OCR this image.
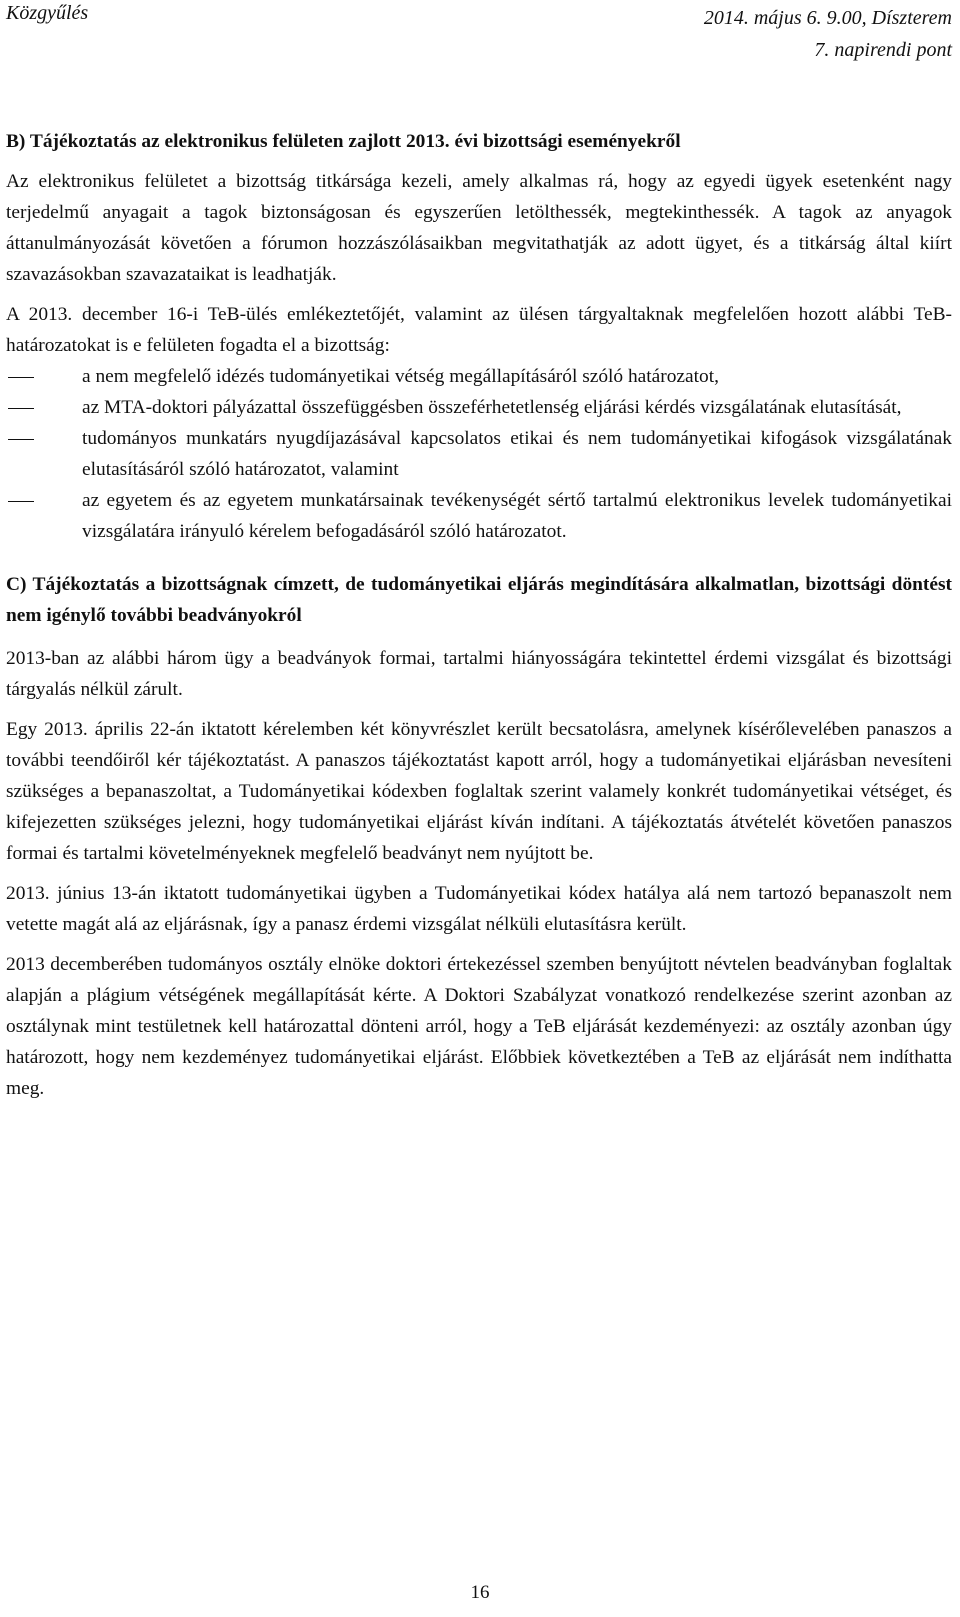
Közgyűlés	2014. május 6. 9.00, Díszterem
7. napirendi pont

B) Tájékoztatás az elektronikus felületen zajlott 2013. évi bizottsági eseményekről

Az elektronikus felületet a bizottság titkársága kezeli, amely alkalmas rá, hogy az egyedi ügyek esetenként nagy terjedelmű anyagait a tagok biztonságosan és egyszerűen letölthessék, megtekinthessék. A tagok az anyagok áttanulmányozását követően a fórumon hozzászólásaikban megvitathatják az adott ügyet, és a titkárság által kiírt szavazásokban szavazataikat is leadhatják.

A 2013. december 16-i TeB-ülés emlékeztetőjét, valamint az ülésen tárgyaltaknak megfelelően hozott alábbi TeB-határozatokat is e felületen fogadta el a bizottság:

a nem megfelelő idézés tudományetikai vétség megállapításáról szóló határozatot,
az MTA-doktori pályázattal összefüggésben összeférhetetlenség eljárási kérdés vizsgálatának elutasítását,
tudományos munkatárs nyugdíjazásával kapcsolatos etikai és nem tudományetikai kifogások vizsgálatának elutasításáról szóló határozatot, valamint
az egyetem és az egyetem munkatársainak tevékenységét sértő tartalmú elektronikus levelek tudományetikai vizsgálatára irányuló kérelem befogadásáról szóló határozatot.

C) Tájékoztatás a bizottságnak címzett, de tudományetikai eljárás megindítására alkalmatlan, bizottsági döntést nem igénylő további beadványokról

2013-ban az alábbi három ügy a beadványok formai, tartalmi hiányosságára tekintettel érdemi vizsgálat és bizottsági tárgyalás nélkül zárult.

Egy 2013. április 22-án iktatott kérelemben két könyvrészlet került becsatolásra, amelynek kísérőlevelében panaszos a további teendőiről kér tájékoztatást. A panaszos tájékoztatást kapott arról, hogy a tudományetikai eljárásban nevesíteni szükséges a bepanaszoltat, a Tudományetikai kódexben foglaltak szerint valamely konkrét tudományetikai vétséget, és kifejezetten szükséges jelezni, hogy tudományetikai eljárást kíván indítani. A tájékoztatás átvételét követően panaszos formai és tartalmi követelményeknek megfelelő beadványt nem nyújtott be.

2013. június 13-án iktatott tudományetikai ügyben a Tudományetikai kódex hatálya alá nem tartozó bepanaszolt nem vetette magát alá az eljárásnak, így a panasz érdemi vizsgálat nélküli elutasításra került.

2013 decemberében tudományos osztály elnöke doktori értekezéssel szemben benyújtott névtelen beadványban foglaltak alapján a plágium vétségének megállapítását kérte. A Doktori Szabályzat vonatkozó rendelkezése szerint azonban az osztálynak mint testületnek kell határozattal dönteni arról, hogy a TeB eljárását kezdeményezi: az osztály azonban úgy határozott, hogy nem kezdeményez tudományetikai eljárást. Előbbiek következtében a TeB az eljárását nem indíthatta meg.

16
